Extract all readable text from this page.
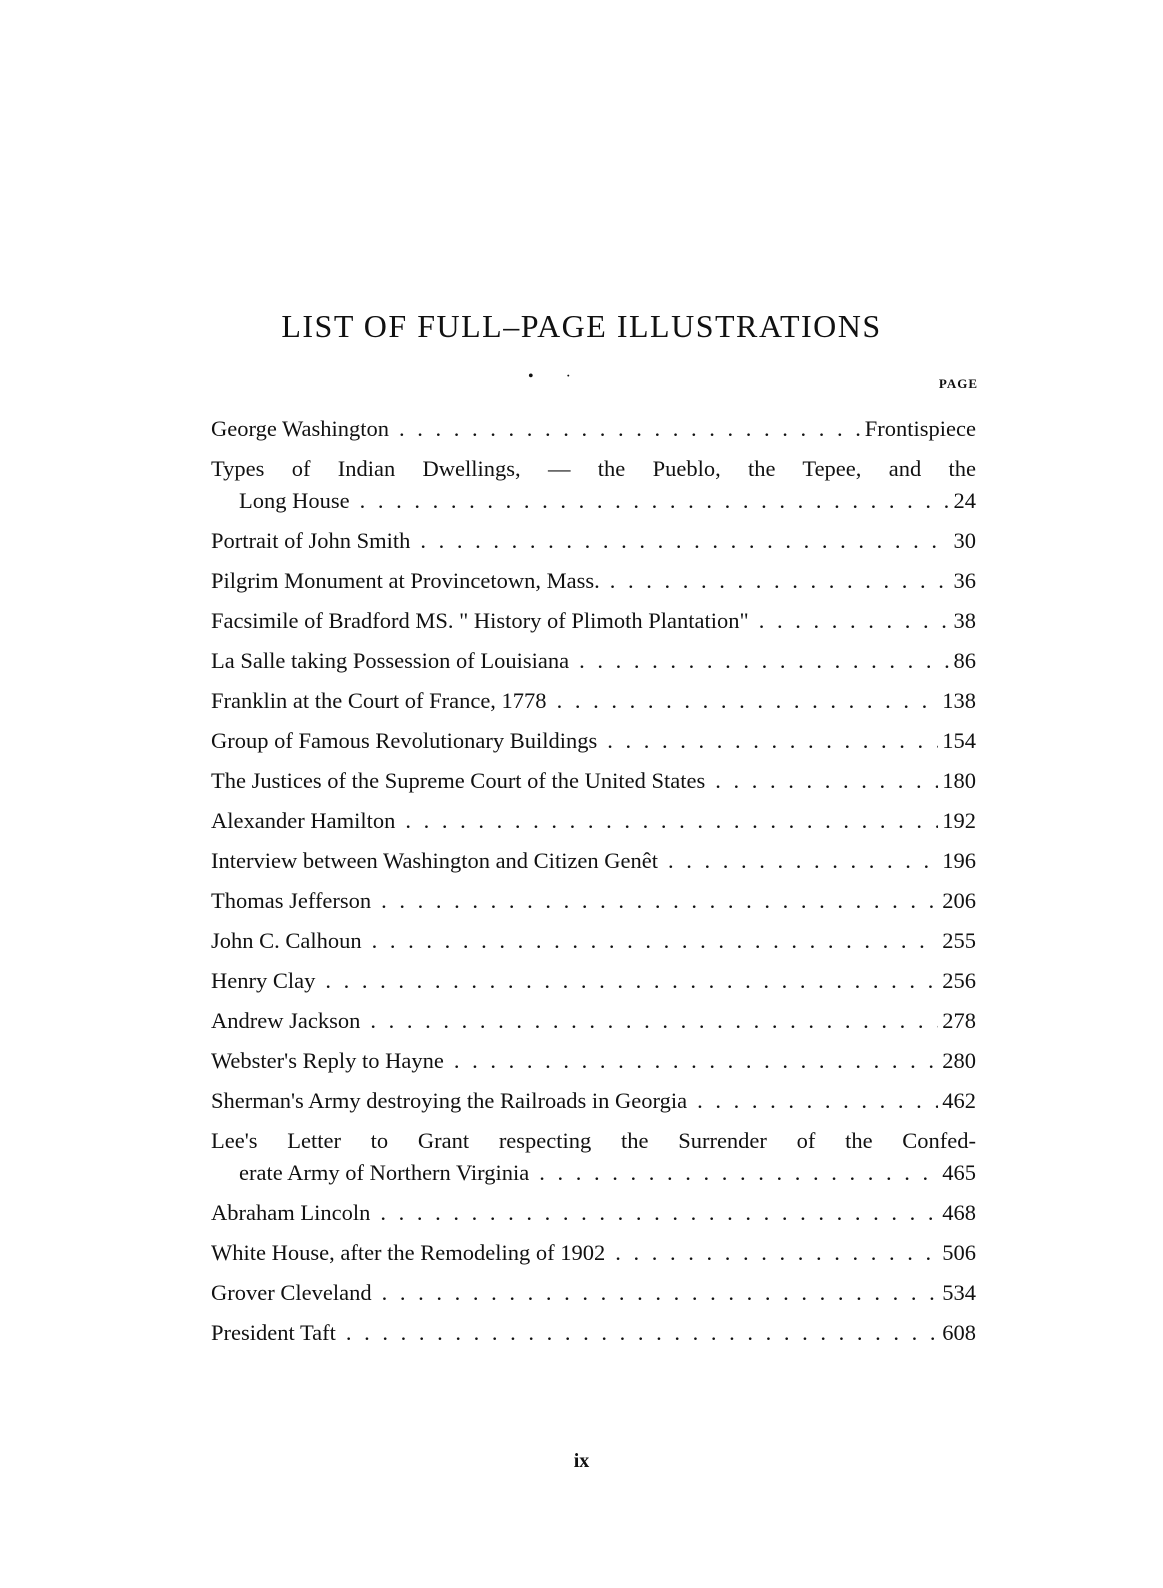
LIST OF FULL–PAGE ILLUSTRATIONS
• ·	PAGE
George Washington . . .	Frontispiece
Types of Indian Dwellings, — the Pueblo, the Tepee, and the
Long House . . .	24
Portrait of John Smith . . .	30
Pilgrim Monument at Provincetown, Mass. . . .	36
Facsimile of Bradford MS. " History of Plimoth Plantation" . . .	38
La Salle taking Possession of Louisiana . . .	86
Franklin at the Court of France, 1778 . . .	138
Group of Famous Revolutionary Buildings . . .	154
The Justices of the Supreme Court of the United States . . .	180
Alexander Hamilton . . .	192
Interview between Washington and Citizen Genêt . . .	196
Thomas Jefferson . . .	206
John C. Calhoun . . .	255
Henry Clay . . .	256
Andrew Jackson . . .	278
Webster's Reply to Hayne . . .	280
Sherman's Army destroying the Railroads in Georgia . . .	462
Lee's Letter to Grant respecting the Surrender of the Confed-
erate Army of Northern Virginia . . .	465
Abraham Lincoln . . .	468
White House, after the Remodeling of 1902 . . .	506
Grover Cleveland . . .	534
President Taft . . .	608
ix
